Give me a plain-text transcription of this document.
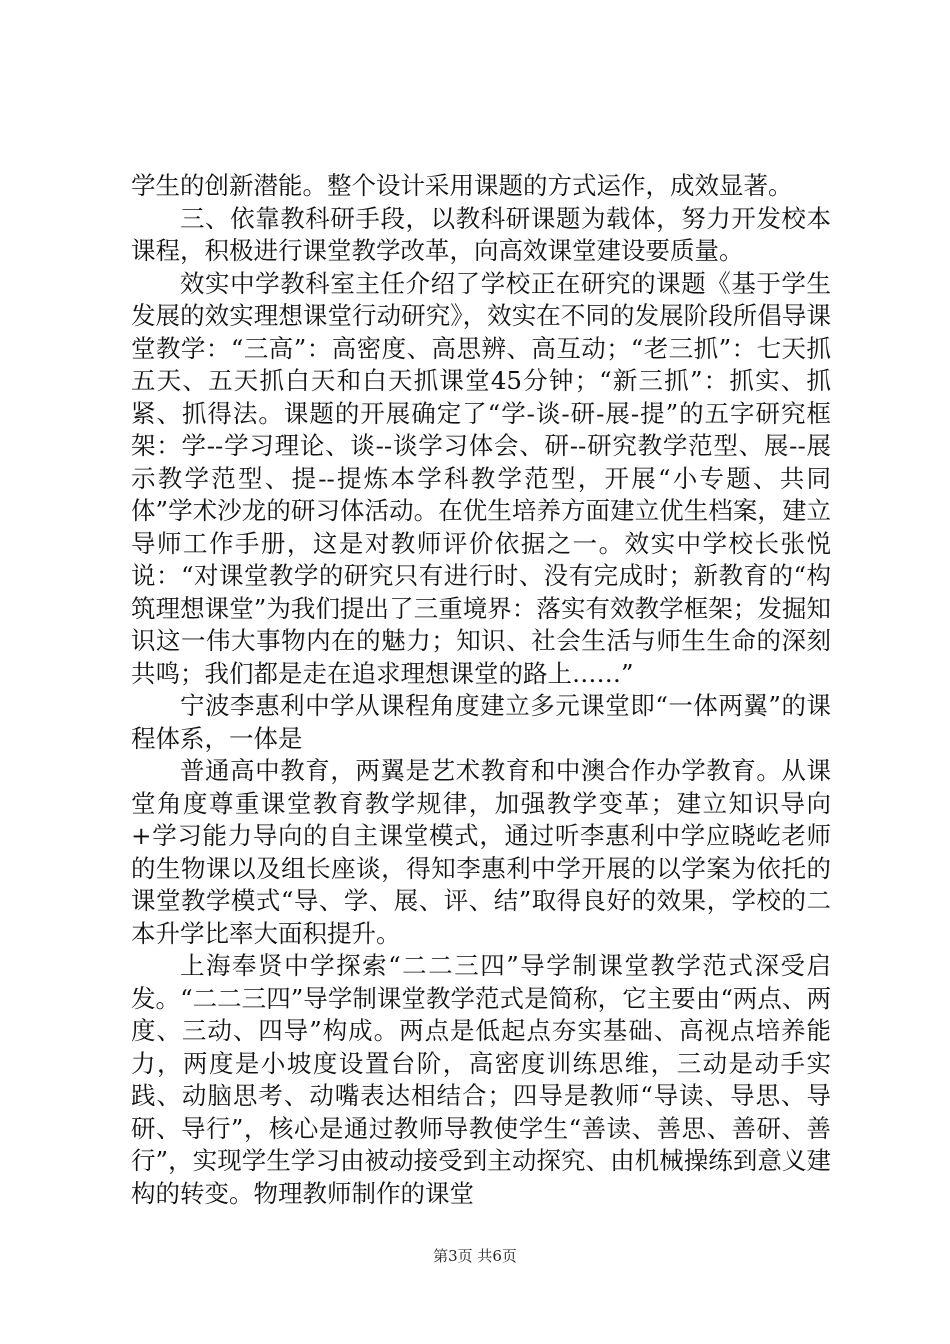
学生的创新潜能。整个设计采用课题的方式运作，成效显著。

三、依靠教科研手段，以教科研课题为载体，努力开发校本课程，积极进行课堂教学改革，向高效课堂建设要质量。

效实中学教科室主任介绍了学校正在研究的课题《基于学生发展的效实理想课堂行动研究》，效实在不同的发展阶段所倡导课堂教学：“三高”：高密度、高思辨、高互动；“老三抓”：七天抓五天、五天抓白天和白天抓课堂45分钟；“新三抓”：抓实、抓紧、抓得法。课题的开展确定了“学-谈-研-展-提”的五字研究框架：学--学习理论、谈--谈学习体会、研--研究教学范型、展--展示教学范型、提--提炼本学科教学范型，开展“小专题、共同体”学术沙龙的研习体活动。在优生培养方面建立优生档案，建立导师工作手册，这是对教师评价依据之一。效实中学校长张悦说：“对课堂教学的研究只有进行时、没有完成时；新教育的“构筑理想课堂”为我们提出了三重境界：落实有效教学框架；发掘知识这一伟大事物内在的魅力；知识、社会生活与师生生命的深刻共鸣；我们都是走在追求理想课堂的路上……”

宁波李惠利中学从课程角度建立多元课堂即“一体两翼”的课程体系，一体是

普通高中教育，两翼是艺术教育和中澳合作办学教育。从课堂角度尊重课堂教育教学规律，加强教学变革；建立知识导向+学习能力导向的自主课堂模式，通过听李惠利中学应晓屹老师的生物课以及组长座谈，得知李惠利中学开展的以学案为依托的课堂教学模式“导、学、展、评、结”取得良好的效果，学校的二本升学比率大面积提升。

上海奉贤中学探索“二二三四”导学制课堂教学范式深受启发。“二二三四”导学制课堂教学范式是简称，它主要由“两点、两度、三动、四导”构成。两点是低起点夯实基础、高视点培养能力，两度是小坡度设置台阶，高密度训练思维，三动是动手实践、动脑思考、动嘴表达相结合；四导是教师“导读、导思、导研、导行”，核心是通过教师导教使学生“善读、善思、善研、善行”，实现学生学习由被动接受到主动探究、由机械操练到意义建构的转变。物理教师制作的课堂

第3页 共6页
